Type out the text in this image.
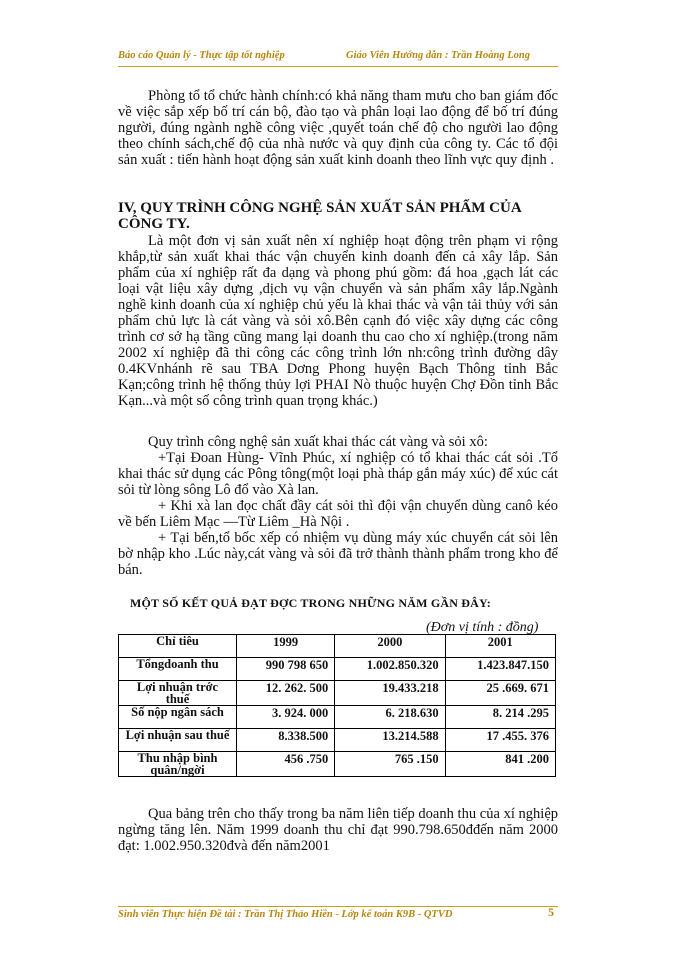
Báo cáo Quản lý - Thực tập tốt nghiệp	Giáo Viên Hướng dẫn : Trần Hoàng Long

Phòng tổ tổ chức hành chính:có khả năng tham mưu cho ban giám đốc về việc sắp xếp bố trí cán bộ, đào tạo và phân loại lao động để bố trí đúng người, đúng ngành nghề công việc ,quyết toán chế độ cho người lao động theo chính sách,chế độ của nhà nước và quy định của công ty. Các tổ đội sản xuất : tiến hành hoạt động sản xuất kinh doanh theo lĩnh vực quy định .

IV, QUY TRÌNH CÔNG NGHỆ SẢN XUẤT SẢN PHẨM CỦA CÔNG TY.

Là một đơn vị sản xuất nên xí nghiệp hoạt động trên phạm vi rộng khắp,từ sản xuất khai thác vận chuyển kinh doanh đến cả xây lắp. Sản phẩm của xí nghiệp rất đa dạng và phong phú gồm: đá hoa ,gạch lát các loại vật liệu xây dựng ,dịch vụ vận chuyển và sản phẩm xây lắp.Ngành nghề kinh doanh của xí nghiệp chủ yếu là khai thác và vận tải thủy với sản phẩm chủ lực là cát vàng và sỏi xô.Bên cạnh đó việc xây dựng các công trình cơ sở hạ tầng cũng mang lại doanh thu cao cho xí nghiệp.(trong năm 2002 xí nghiệp đã thi công các công trình lớn nh:công trình đường dây 0.4KVnhánh rẽ sau TBA Dơng Phong huyện Bạch Thông tỉnh Bắc Kạn;công trình hệ thống thủy lợi PHAI Nò thuộc huyện Chợ Đồn tỉnh Bắc Kạn...và một số công trình quan trọng khác.)

Quy trình công nghệ sản xuất khai thác cát vàng và sỏi xô:

+Tại Đoan Hùng- Vĩnh Phúc, xí nghiệp có tổ khai thác cát sỏi .Tổ khai thác sử dụng các Pông tông(một loại phà tháp gắn máy xúc) để xúc cát sỏi từ lòng sông Lô đổ vào Xà lan.

+ Khi xà lan đọc chất đầy cát sỏi thì đội vận chuyển dùng canô kéo về bến Liêm Mạc —Từ Liêm _Hà Nội .

+ Tại bến,tổ bốc xếp có nhiệm vụ dùng máy xúc chuyển cát sỏi lên bờ nhập kho .Lúc này,cát vàng và sỏi đã trở thành thành phẩm trong kho để bán.

MỘT SỐ KẾT QUẢ ĐẠT ĐỢC TRONG NHỮNG NĂM GẦN ĐÂY:
(Đơn vị tính : đồng)
Chỉ tiêu	1999	2000	2001
Tổngdoanh thu	990 798 650	1.002.850.320	1.423.847.150
Lợi nhuận trớc thuế	12. 262. 500	19.433.218	25 .669. 671
Số nộp ngân sách	3. 924. 000	6. 218.630	8. 214 .295
Lợi nhuận sau thuế	8.338.500	13.214.588	17 .455. 376
Thu nhập bình quân/ngời	456 .750	765 .150	841 .200

Qua bảng trên cho thấy trong ba năm liên tiếp doanh thu của xí nghiệp ngừng tăng lên. Năm 1999 doanh thu chỉ đạt 990.798.650đđến năm 2000 đạt: 1.002.950.320đvà đến năm2001

Sinh viên Thực hiện Đề tài : Trần Thị Thảo Hiền - Lớp kế toán K9B - QTVD	5
